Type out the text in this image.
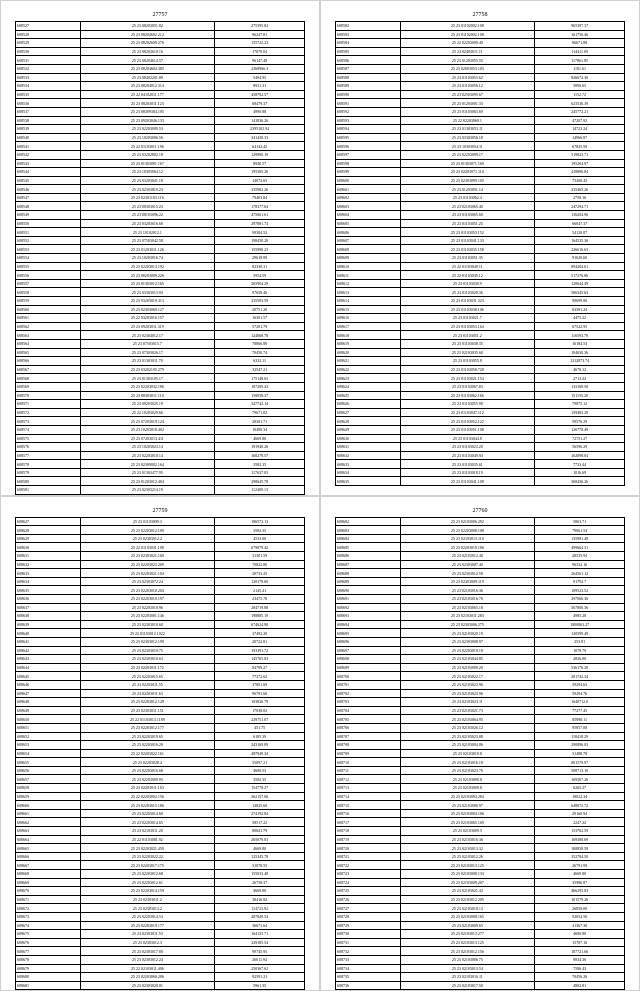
27757
608527	25 23 08203051.82	275395.82
608528	25 23 08204602.212	96247.81
608529	25 23 08202609.276	155722.23
608530	25 23 08203610.16	17079.04
608531	25 23 08204614.57	96147.48
608532	25 23 08204604.385	2368966.3
608533	25 23 08402201.89	5494.95
608534	25 23 08204012.314	8931.31
608535	25 22 04102011.177	458792.57
608536	25 23 08203011.123	68479.37
608537	25 23 08309304.105	4990.88
608538	25 23 09203046.133	141836.26
608539	25 23 02203009.53	2395102.94
608540	25 23 10203006.56	341430.33
608541	25 22 01103011.196	64142.45
608542	25 23 03202802.18	129900.19
608543	25 23 01303091.167	8940.57
608544	25 23 10303064.12	195385.26
608545	25 23 03203041.18	14072.65
608546	25 23 02303810.23	335982.26
608547	25 23 02301103.116	79403.84
608548	25 23 08303015.23	178377.64
608549	25 23 08103096.22	475661.61
608550	25 23 03203016.60	297881.74
608551	25 23 10102012.1	99304.52
608552	25 23 07503042.58	198450.20
608553	25 23 01203011.126	155990.23
608554	25 23 10203016.74	29618.89
608555	25 23 02203013.192	82330.31
608556	25 23 08203009.226	5954.59
608557	25 23 01303012.165	265904.29
608558	25 23 03303013.93	97658.46
608559	25 23 03203019.313	235583.59
608560	25 23 02303069.127	20751.20
608561	25 22 03203016.157	16301.57
608562	25 23 09203011.319	57201.79
608563	25 23 02304012.17	124068.78
608564	25 23 07503015.7	78866.80
608565	25 23 07303026.17	70450.74
608566	25 23 01303011.70	6332.11
608567	25 23 03202105.279	32547.21
608568	25 23 01303105.17	175148.65
608569	25 23 02203032.186	187209.43
608570	25 23 08303011.110	158058.37
608571	25 23 09203025.19	347742.14
608572	25 22 10203029.66	79671.02
608573	25 23 07203019.124	28301.71
608574	25 23 10203018.402	10490.34
608575	25 23 07203013.411	4669.80
608576	25 23 10203023.14	191940.26
608577	25 23 02203010.14	160279.57
608578	25 23 02309002.164	3582.35
608579	25 23 01303477.95	117637.03
608580	25 23 01203012.404	298645.78
608581	25 23 02303214.19	112400.13
27758
608582	25 23 01102002.108	965397.37
608583	25 23 01102002.108	161756.46
608584	25 22 02203009.40	86671.88
608585	25 23 02403011.11	114411.69
608586	25 23 01203055.55	117861.85
608587	25 23 02003053.103	1181.61
608588	25 23 01103053.62	826672.36
608589	25 23 01103056.12	5890.65
608590	25 23 02503095.67	1152.72
608591	25 23 01203001.33	623536.39
608592	25 23 01103063.69	245772.21
608593	25 22 02203069.1	47207.92
608594	25 23 01303053.11	14723.24
608595	25 23 03303056.18	14966.87
608596	25 23 10303054.11	67825.58
608597	25 23 02203099.17	519823.71
608598	25 23 01303071.169	195204.97
608599	25 23 02203071.110	418886.84
608600	25 23 02303099.105	73268.45
608601	25 23 01203091.14	235465.26
608602	25 23 01103062.4	2758.16
608603	25 23 02103065.40	247294.71
608604	25 23 01103065.60	136204.96
608605	25 23 01103051.25	66047.37
608606	25 23 01103053.152	54120.07
608607	25 23 01103041.133	164535.36
608608	25 23 01103035.158	226616.63
608609	25 23 01103051.35	91620.60
608610	25 22 01103049.11	894204.61
608611	25 22 01103049.12	517276.86
608612	25 23 01103030.9	120644.49
608613	25 23 01103028.36	586345.63
608614	25 23 01103031.323	99699.86
608615	25 23 01103038.106	63581.24
608616	25 23 01103021.7	4475.22
608617	25 23 01103053.164	67522.95
608618	25 23 01103051.2	116593.79
608619	25 23 01103038.35	16184.54
608620	25 23 02103035.60	104630.36
608621	25 23 01103055.8	1212873.74
608622	25 23 01103058.728	4670.12
608623	25 23 01103021.154	2713.22
608624	25 23 01103067.83	133168.50
608625	25 23 01103062.166	151155.20
608626	25 23 01103055.90	79875.12
608627	25 23 01103047.112	159483.20
608628	25 23 01103052.122	59576.29
608629	25 23 01103051.108	126770.49
608630	25 23 01103044.8	72751.27
608631	25 23 01103023.20	56596.29
608632	25 23 01103049.94	162098.04
608633	25 23 01103035.61	7733.44
608634	25 23 01103018.19	1016.69
608635	25 23 01103041.108	368436.26
27759
608627	25 23 01103009.3	186572.13
608628	25 23 02203012.109	3582.35
608629	25 23 02303012.2	4533.00
608630	25 22 01103031.198	679879.42
608631	25 23 02303021.160	31301.59
608632	25 23 02203023.209	70822.80
608633	25 23 02203021.104	20733.25
608634	25 23 02303072.24	120179.60
608635	25 23 02203010.204	2145.41
608636	25 23 02203010.197	23475.78
608637	25 23 02203010.96	284719.88
608638	25 23 02203001.146	198885.19
608639	25 23 02303010.60	674624.90
608640	25 22 01103012.1022	37492.20
608641	25 23 02303012.199	20722.81
608642	25 23 02303010.75	193391.72
608643	25 23 02303010.63	145765.03
608644	25 23 02203011.172	94799.27
608645	25 23 02203015.65	77372.62
608646	25 23 02203011.55	37001.69
608647	25 23 02203011.63	96791.60
608648	25 23 02203012.128	103826.79
608649	25 23 02303011.151	17038.02
608650	25 22 01103013.1189	229751.07
608651	25 23 02203012.177	451.75
608652	25 23 02203019.65	6185.39
608653	25 23 02203016.20	243169.09
608654	25 22 02203022.161	487949.34
608655	25 23 02203028.4	55097.21
608656	25 23 02203016.68	4600.53
608657	25 23 02203009.95	3582.35
608658	25 23 02203011.163	154778.27
608659	25 22 02203002.156	362157.06
608660	25 23 02203015.186	14825.60
608661	25 23 02203014.60	274192.84
608662	25 23 02203014.65	58517.22
608663	25 23 02103011.20	80641.79
608664	25 22 01103081.92	265079.03
608665	25 23 02203021.459	4669.80
608666	25 23 02203022.22	125345.78
608667	25 23 02203017.175	51078.55
608668	25 23 02203012.68	155033.48
608669	25 23 02203012.61	26758.37
608670	25 23 02203014.159	4669.80
608671	25 23 02303011.2	38416.82
608672	25 23 02303013.2	114723.92
608673	25 23 02203014.53	287849.54
608674	25 23 02203019.177	36671.64
608675	25 23 02303011.53	164125.71
608676	25 23 02303012.3	329185.54
608677	25 23 02303017.80	99745.95
608678	25 23 02303012.24	26611.94
608679	25 22 02103011.406	250367.62
608680	25 23 02203060.286	92591.21
608681	25 23 02303020.01	5961.35
27760
608682	25 23 02103006.292	5863.71
608683	25 23 02203008.108	79061.54
608684	25 23 02103013.110	135981.48
608685	25 23 02203019.186	499664.31
608686	25 23 02103012.40	28535.94
608687	25 23 02303007.40	96332.16
608688	25 23 02303012.58	264561.12
608689	25 23 02203009.119	91792.7
608690	25 23 02103016.36	109523.52
608691	25 23 02103016.70	297066.36
608692	25 23 02103065.18	567800.36
608693	25 23 02103011.283	4985.28
608694	25 23 02303006.275	1800863.27
608695	25 23 02103020.19	120599.49
608696	25 23 02303008.97	253.81
608697	25 23 02203010.19	1070.79
608698	25 23 02103044.85	2826.80
608699	25 23 02103009.20	536176.20
608700	25 23 02103022.17	201742.34
608701	25 23 02103023.96	59294.63
608702	25 23 02103023.96	59294.76
608703	25 23 02103023.11	1640712.0
608704	25 23 02103021.73	77277.45
608705	25 23 02103064.95	85898.11
608706	25 23 02103026.12	95857.08
608707	25 23 02103023.88	118418.29
608708	25 23 02103004.86	290896.03
608709	25 23 02103019.8	51488.78
608710	25 23 02103016.19	801579.97
608711	25 23 02103023.70	508713.10
608712	25 23 02103080.8	169307.26
608713	25 23 02103009.8	6265.27
608714	25 23 02103083.284	18022.34
608715	25 23 02103080.97	648872.72
608716	25 23 02103004.106	29160.94
608717	25 23 02103065.169	2247.22
608718	25 23 02103009.5	153762.59
608719	25 23 02103016.36	169380.69
608720	25 23 02103013.32	168858.58
608721	25 23 02103012.26	352784.50
608722	25 23 02103013.125	26791.99
608723	25 23 02103008.133	4669.80
608724	25 23 02103009.207	35986.87
608725	25 23 02103021.43	466293.03
608726	25 23 02103012.205	101579.26
608727	25 23 02103010.13	26858.00
608728	25 23 02103008.165	92052.50
608729	25 23 02103009.65	41367.30
608730	25 23 02103013.277	4690.80
608731	25 23 02103013.125	15707.16
608732	25 23 02103012.156	187721.66
608733	25 23 02103006.75	9834.36
608734	25 23 02103013.54	7586.43
608735	25 23 02103016.11	70456.26
608736	25 23 02103017.50	4802.81
